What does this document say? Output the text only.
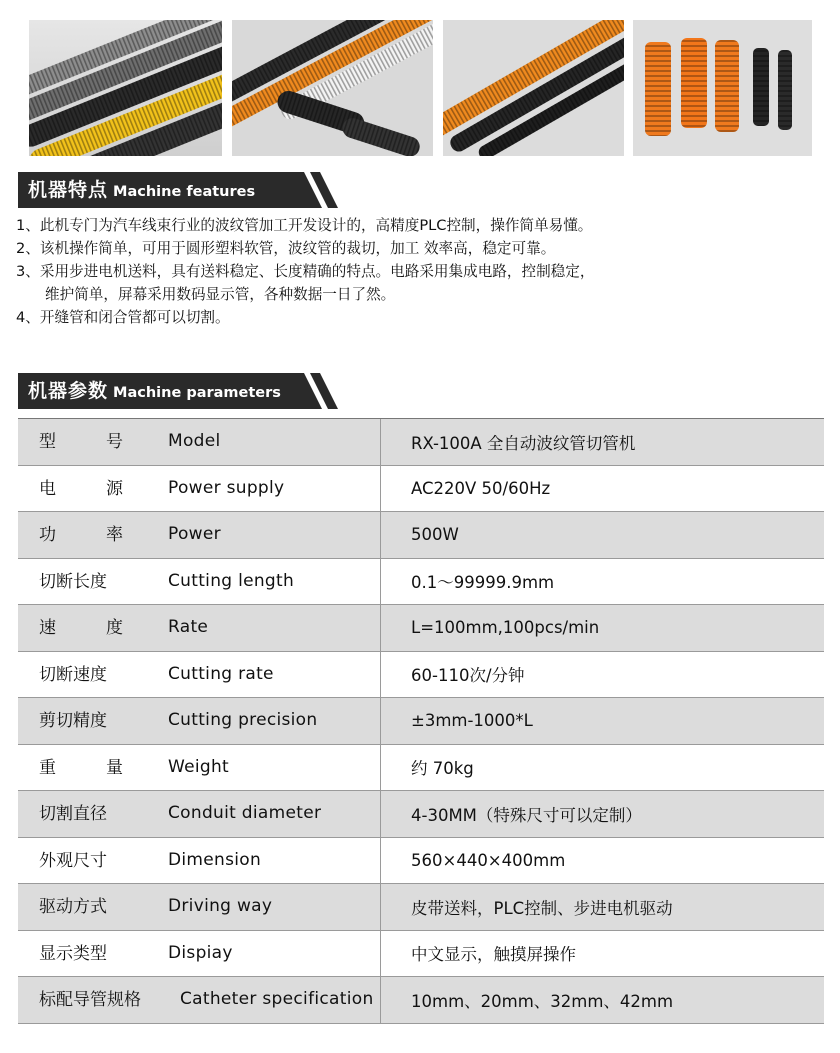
机器特点 Machine features
1、此机专门为汽车线束行业的波纹管加工开发设计的，高精度PLC控制，操作简单易懂。
2、该机操作简单，可用于圆形塑料软管，波纹管的裁切，加工 效率高，稳定可靠。
3、采用步进电机送料，具有送料稳定、长度精确的特点。电路采用集成电路，控制稳定，
维护简单，屏幕采用数码显示管，各种数据一日了然。
4、开缝管和闭合管都可以切割。
机器参数 Machine parameters
型	号	Model	RX-100A 全自动波纹管切管机
电	源	Power supply	AC220V 50/60Hz
功	率	Power	500W
切断长度	Cutting length	0.1～99999.9mm
速	度	Rate	L=100mm,100pcs/min
切断速度	Cutting rate	60-110次/分钟
剪切精度	Cutting precision	±3mm-1000*L
重	量	Weight	约 70kg
切割直径	Conduit diameter	4-30MM（特殊尺寸可以定制）
外观尺寸	Dimension	560×440×400mm
驱动方式	Driving way	皮带送料，PLC控制、步进电机驱动
显示类型	Dispiay	中文显示，触摸屏操作
标配导管规格 Catheter specification	10mm、20mm、32mm、42mm
